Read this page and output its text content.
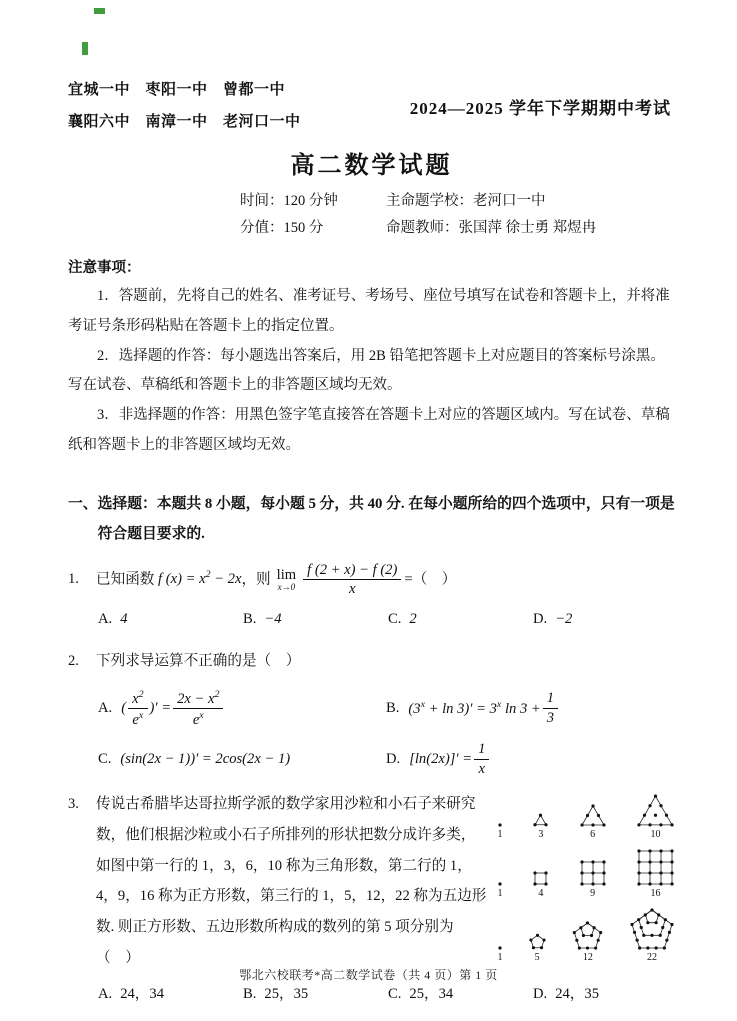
宜城一中　枣阳一中　曾都一中
襄阳六中　南漳一中　老河口一中
2024—2025 学年下学期期中考试
高二数学试题
时间：120 分钟	主命题学校：老河口一中
分值：150 分	命题教师：张国萍 徐士勇 郑煜冉
注意事项：

1．答题前，先将自己的姓名、准考证号、考场号、座位号填写在试卷和答题卡上，并将准考证号条形码粘贴在答题卡上的指定位置。

2．选择题的作答：每小题选出答案后，用 2B 铅笔把答题卡上对应题目的答案标号涂黑。写在试卷、草稿纸和答题卡上的非答题区域均无效。

3．非选择题的作答：用黑色签字笔直接答在答题卡上对应的答题区域内。写在试卷、草稿纸和答题卡上的非答题区域均无效。

一、选择题：本题共 8 小题，每小题 5 分，共 40 分. 在每小题所给的四个选项中，只有一项是符合题目要求的.
1. 已知函数 f $(x) = x^2 - 2x$，则 lim
$x\to 0 \frac{f (2 + x) - f (2)}{x}$ =（　）
A. 4	B. −4	C. 2	D. −2
2. 下列求导运算不正确的是（　）
A. ( $\frac{x^2}{e^x}$ )′ = $\frac{2x - x^2}{e^x}$	B. $(3^x + \ln 3)' = 3^x$ $\ln 3 + \frac{1}{3}$
C. (sin(2x − 1))′ = 2cos(2x − 1)	D. $[\ln(2x)]' = \frac{1}{x}$
1	3	6	10
1	4	9	16
1	5	12	22
3. 传说古希腊毕达哥拉斯学派的数学家用沙粒和小石子来研究数，他们根据沙粒或小石子所排列的形状把数分成许多类，如图中第一行的 1，3，6，10 称为三角形数，第二行的 1，4，9，16 称为正方形数，第三行的 1，5，12，22 称为五边形数. 则正方形数、五边形数所构成的数列的第 5 项分别为（　）
A. 24，34	B. 25，35	C. 25，34	D. 24，35
鄂北六校联考*高二数学试卷（共 4 页）第 1 页
